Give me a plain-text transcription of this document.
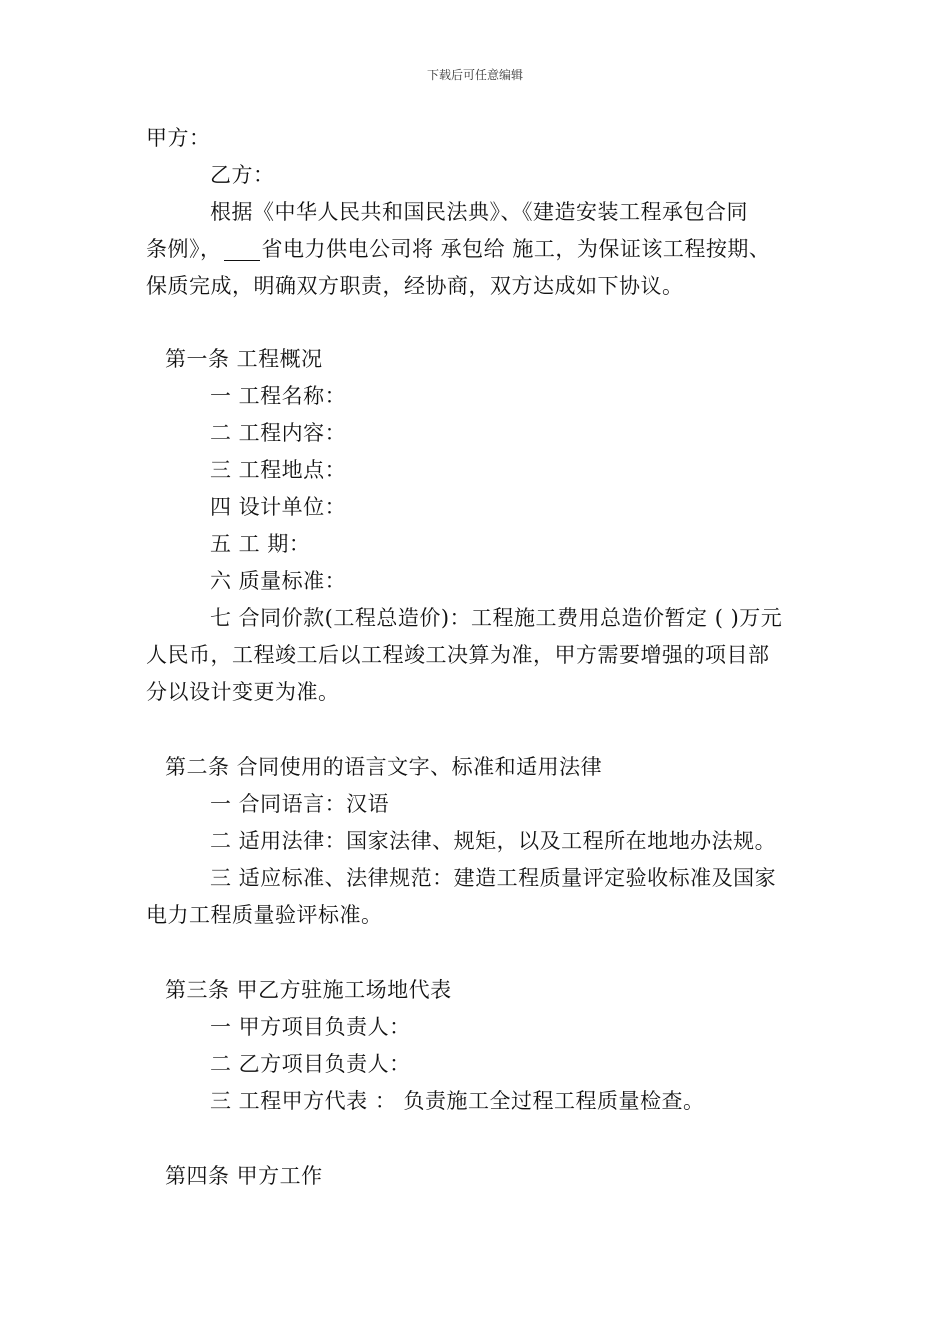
下载后可任意编辑
甲方：
乙方：
根据《中华人民共和国民法典》、《建造安装工程承包合同
条例》， 省电力供电公司将 承包给 施工，为保证该工程按期、
保质完成，明确双方职责，经协商，双方达成如下协议。
第一条 工程概况
一 工程名称：
二 工程内容：
三 工程地点：
四 设计单位：
五 工 期：
六 质量标准：
七 合同价款(工程总造价)：工程施工费用总造价暂定 ( )万元
人民币，工程竣工后以工程竣工决算为准，甲方需要增强的项目部
分以设计变更为准。
第二条 合同使用的语言文字、标准和适用法律
一 合同语言：汉语
二 适用法律：国家法律、规矩，以及工程所在地地办法规。
三 适应标准、法律规范：建造工程质量评定验收标准及国家
电力工程质量验评标准。
第三条 甲乙方驻施工场地代表
一 甲方项目负责人：
二 乙方项目负责人：
三 工程甲方代表 ： 负责施工全过程工程质量检查。
第四条 甲方工作
